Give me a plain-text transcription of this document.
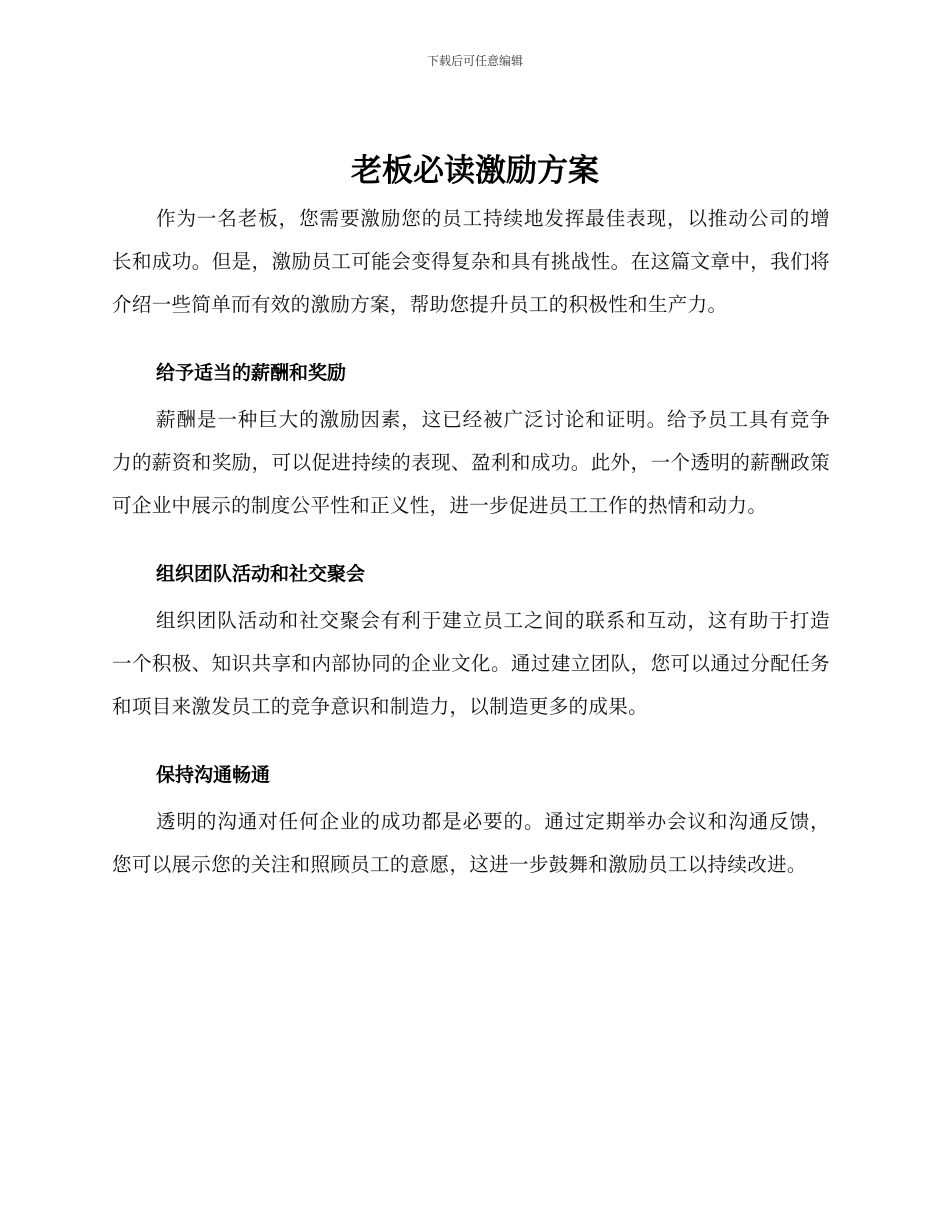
下载后可任意编辑

老板必读激励方案

作为一名老板，您需要激励您的员工持续地发挥最佳表现，以推动公司的增长和成功。但是，激励员工可能会变得复杂和具有挑战性。在这篇文章中，我们将介绍一些简单而有效的激励方案，帮助您提升员工的积极性和生产力。

给予适当的薪酬和奖励

薪酬是一种巨大的激励因素，这已经被广泛讨论和证明。给予员工具有竞争力的薪资和奖励，可以促进持续的表现、盈利和成功。此外，一个透明的薪酬政策可企业中展示的制度公平性和正义性，进一步促进员工工作的热情和动力。

组织团队活动和社交聚会

组织团队活动和社交聚会有利于建立员工之间的联系和互动，这有助于打造一个积极、知识共享和内部协同的企业文化。通过建立团队，您可以通过分配任务和项目来激发员工的竞争意识和制造力，以制造更多的成果。

保持沟通畅通

透明的沟通对任何企业的成功都是必要的。通过定期举办会议和沟通反馈，您可以展示您的关注和照顾员工的意愿，这进一步鼓舞和激励员工以持续改进。
